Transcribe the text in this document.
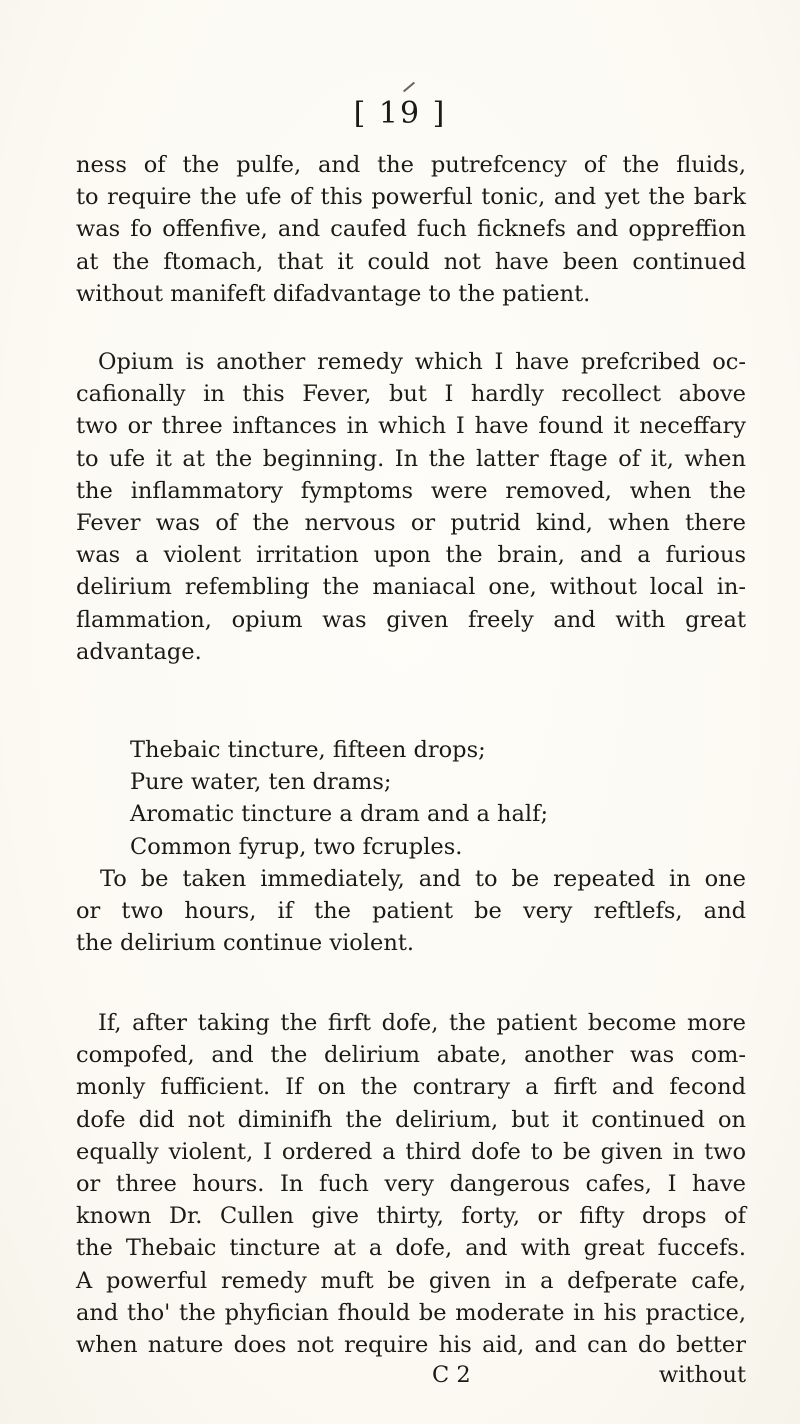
[ 19 ]
ness of the pulfe, and the putrefcency of the fluids,
to require the ufe of this powerful tonic, and yet the bark
was fo offenfive, and caufed fuch ficknefs and oppreffion
at the ftomach, that it could not have been continued
without manifeft difadvantage to the patient.
Opium is another remedy which I have prefcribed oc-
cafionally in this Fever, but I hardly recollect above
two or three inftances in which I have found it neceffary
to ufe it at the beginning. In the latter ftage of it, when
the inflammatory fymptoms were removed, when the
Fever was of the nervous or putrid kind, when there
was a violent irritation upon the brain, and a furious
delirium refembling the maniacal one, without local in-
flammation, opium was given freely and with great
advantage.
Thebaic tincture, fifteen drops;
Pure water, ten drams;
Aromatic tincture a dram and a half;
Common fyrup, two fcruples.
To be taken immediately, and to be repeated in one
or two hours, if the patient be very reftlefs, and
the delirium continue violent.
If, after taking the firft dofe, the patient become more
compofed, and the delirium abate, another was com-
monly fufficient. If on the contrary a firft and fecond
dofe did not diminifh the delirium, but it continued on
equally violent, I ordered a third dofe to be given in two
or three hours. In fuch very dangerous cafes, I have
known Dr. Cullen give thirty, forty, or fifty drops of
the Thebaic tincture at a dofe, and with great fuccefs.
A powerful remedy muft be given in a defperate cafe,
and tho' the phyfician fhould be moderate in his practice,
when nature does not require his aid, and can do better
C 2	without
